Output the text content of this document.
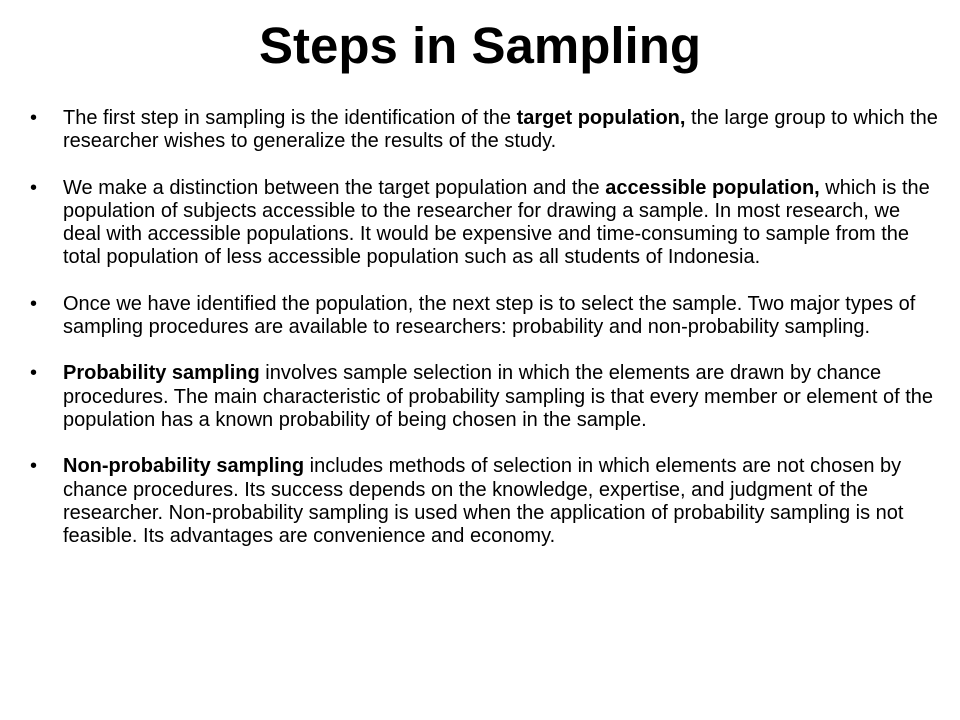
Steps in Sampling
•
The first step in sampling is the identification of the target population, the large group to which the researcher wishes to generalize the results of the study.
•
We make a distinction between the target population and the accessible population, which is the population of subjects accessible to the researcher for drawing a sample. In most research, we deal with accessible populations. It would be expensive and time-consuming to sample from the total population of less accessible population such as all students of Indonesia.
•
Once we have identified the population, the next step is to select the sample. Two major types of sampling procedures are available to researchers: probability and non-probability sampling.
•
Probability sampling involves sample selection in which the elements are drawn by chance procedures. The main characteristic of probability sampling is that every member or element of the population has a known probability of being chosen in the sample.
•
Non-probability sampling includes methods of selection in which elements are not chosen by chance procedures. Its success depends on the knowledge, expertise, and judgment of the researcher. Non-probability sampling is used when the application of probability sampling is not feasible. Its advantages are convenience and economy.
